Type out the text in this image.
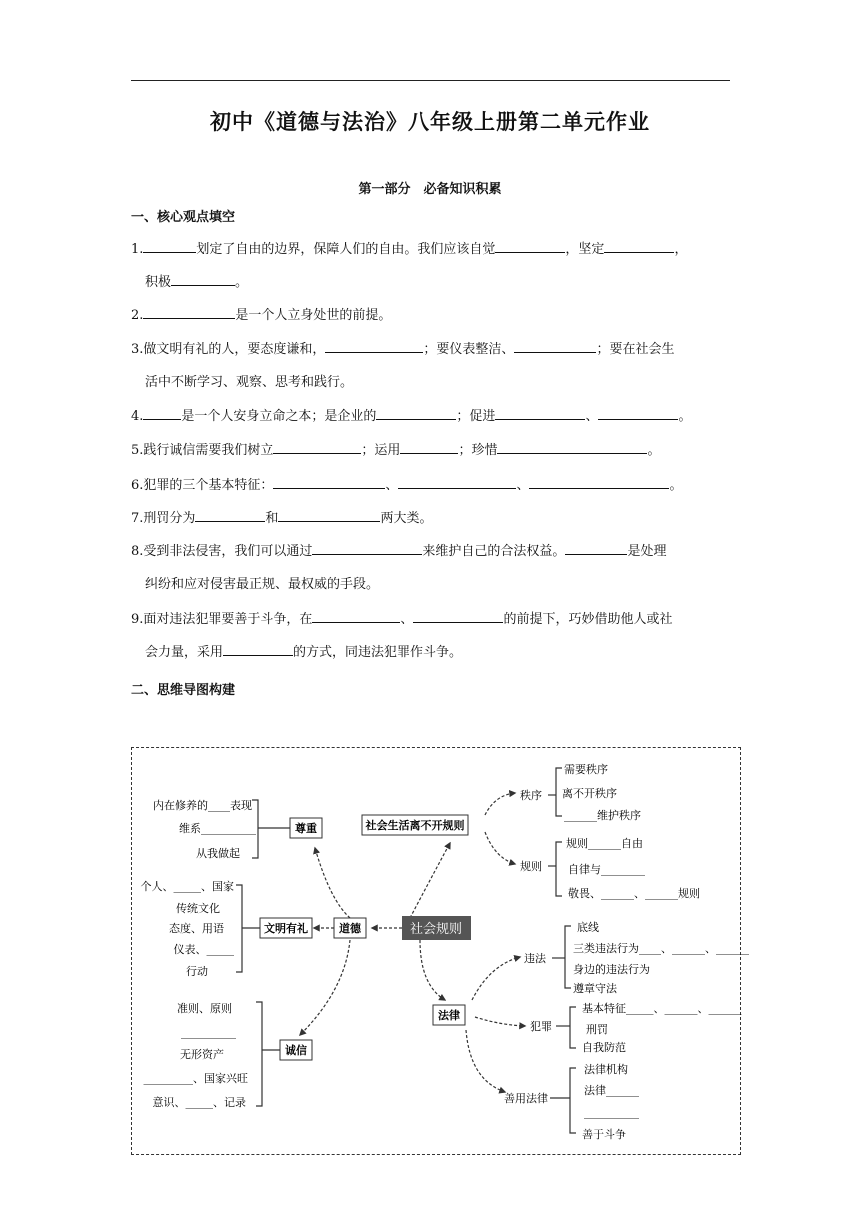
初中《道德与法治》八年级上册第二单元作业
第一部分　必备知识积累
一、核心观点填空
1.	划定了自由的边界，保障人们的自由。我们应该自觉	，坚定	，
积极	。
2.	是一个人立身处世的前提。
3.做文明有礼的人，要态度谦和，	；要仪表整洁、	；要在社会生
活中不断学习、观察、思考和践行。
4.	是一个人安身立命之本；是企业的	；促进	、	。
5.践行诚信需要我们树立	；运用	；珍惜	。
6.犯罪的三个基本特征：	、	、	。
7.刑罚分为	和	两大类。
8.受到非法侵害，我们可以通过	来维护自己的合法权益。	是处理
纠纷和应对侵害最正规、最权威的手段。
9.面对违法犯罪要善于斗争，在	、	的前提下，巧妙借助他人或社
会力量，采用	的方式，同违法犯罪作斗争。
二、思维导图构建
社会规则
道德
法律
尊重
文明有礼
诚信
社会生活离不开规则
秩序
规则
违法
犯罪
善用法律
内在修养的____表现
维系__________
从我做起
个人、_____、国家
传统文化
态度、用语
仪表、_____
行动
准则、原则
__________
无形资产
_________、国家兴旺
意识、_____、记录
需要秩序
离不开秩序
______维护秩序
规则______自由
自律与________
敬畏、______、______规则
底线
三类违法行为____、______、______
身边的违法行为
遵章守法
基本特征_____、______、______
刑罚
自我防范
法律机构
法律______
__________
善于斗争
